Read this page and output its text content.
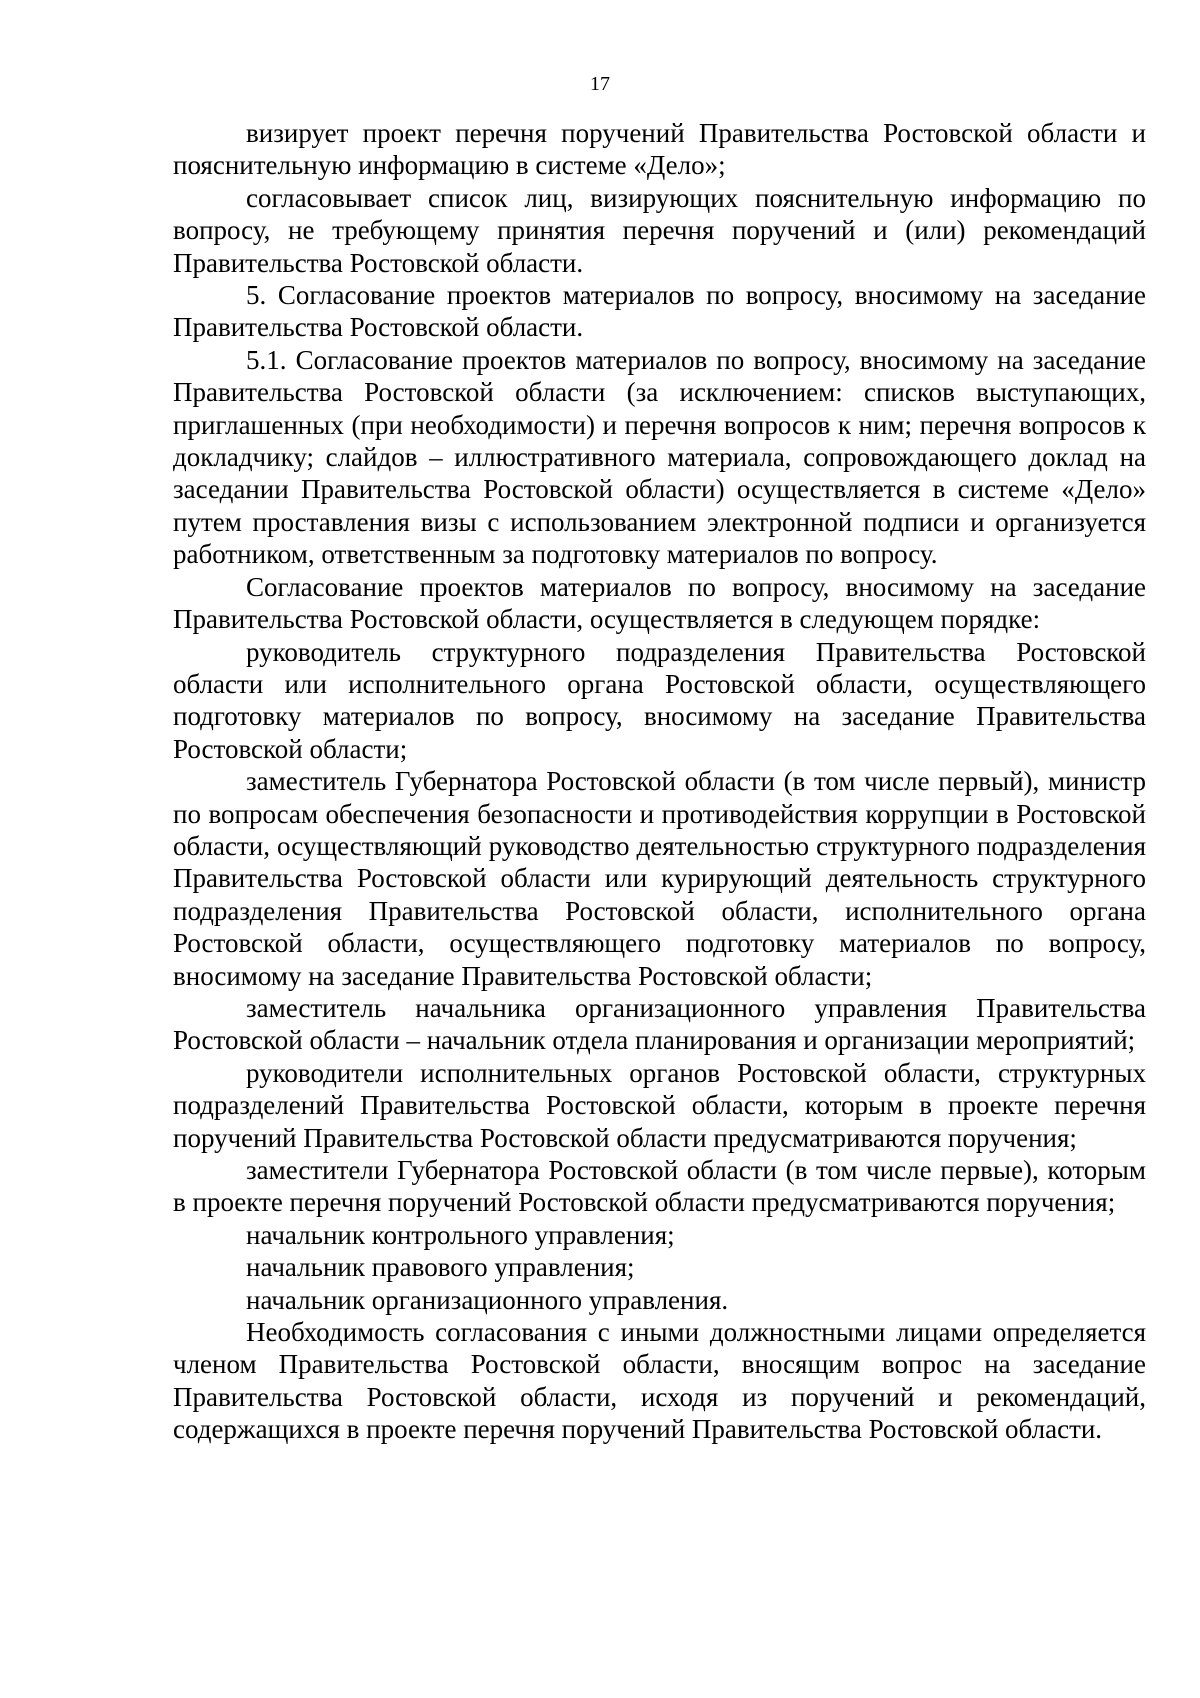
17

визирует проект перечня поручений Правительства Ростовской области и пояснительную информацию в системе «Дело»;

согласовывает список лиц, визирующих пояснительную информацию по вопросу, не требующему принятия перечня поручений и (или) рекомендаций Правительства Ростовской области.

5. Согласование проектов материалов по вопросу, вносимому на заседание Правительства Ростовской области.

5.1. Согласование проектов материалов по вопросу, вносимому на заседание Правительства Ростовской области (за исключением: списков выступающих, приглашенных (при необходимости) и перечня вопросов к ним; перечня вопросов к докладчику; слайдов – иллюстративного материала, сопровождающего доклад на заседании Правительства Ростовской области) осуществляется в системе «Дело» путем проставления визы с использованием электронной подписи и организуется работником, ответственным за подготовку материалов по вопросу.

Согласование проектов материалов по вопросу, вносимому на заседание Правительства Ростовской области, осуществляется в следующем порядке:

руководитель структурного подразделения Правительства Ростовской области или исполнительного органа Ростовской области, осуществляющего подготовку материалов по вопросу, вносимому на заседание Правительства Ростовской области;

заместитель Губернатора Ростовской области (в том числе первый), министр по вопросам обеспечения безопасности и противодействия коррупции в Ростовской области, осуществляющий руководство деятельностью структурного подразделения Правительства Ростовской области или курирующий деятельность структурного подразделения Правительства Ростовской области, исполнительного органа Ростовской области, осуществляющего подготовку материалов по вопросу, вносимому на заседание Правительства Ростовской области;

заместитель начальника организационного управления Правительства Ростовской области – начальник отдела планирования и организации мероприятий;

руководители исполнительных органов Ростовской области, структурных подразделений Правительства Ростовской области, которым в проекте перечня поручений Правительства Ростовской области предусматриваются поручения;

заместители Губернатора Ростовской области (в том числе первые), которым в проекте перечня поручений Ростовской области предусматриваются поручения;

начальник контрольного управления;

начальник правового управления;

начальник организационного управления.

Необходимость согласования с иными должностными лицами определяется членом Правительства Ростовской области, вносящим вопрос на заседание Правительства Ростовской области, исходя из поручений и рекомендаций, содержащихся в проекте перечня поручений Правительства Ростовской области.
